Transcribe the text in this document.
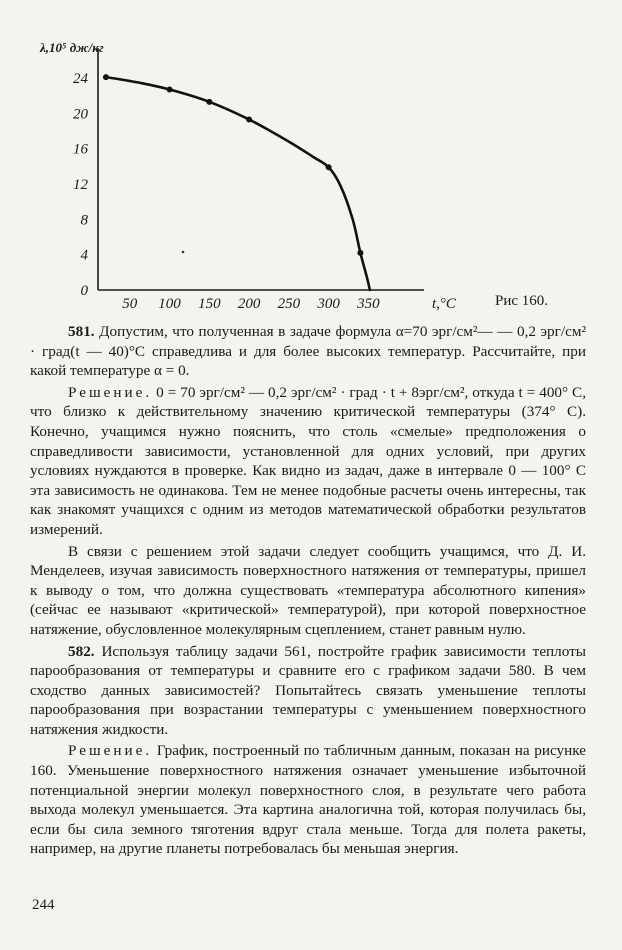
λ,10⁵ дж/кг
t,°C
0
4
8
12
16
20
24
50 100 150 200 250 300 350	Рис 160.

581. Допустим, что полученная в задаче формула α=70 эрг/см²— — 0,2 эрг/см² · град(t — 40)°C справедлива и для более высоких температур. Рассчитайте, при какой температуре α = 0.

Решение. 0 = 70 эрг/см² — 0,2 эрг/см² · град · t + 8эрг/см², откуда t = 400° С, что близко к действительному значению критической температуры (374° С). Конечно, учащимся нужно пояснить, что столь «смелые» предположения о справедливости зависимости, установленной для одних условий, при других условиях нуждаются в проверке. Как видно из задач, даже в интервале 0 — 100° С эта зависимость не одинакова. Тем не менее подобные расчеты очень интересны, так как знакомят учащихся с одним из методов математической обработки результатов измерений.

В связи с решением этой задачи следует сообщить учащимся, что Д. И. Менделеев, изучая зависимость поверхностного натяжения от температуры, пришел к выводу о том, что должна существовать «температура абсолютного кипения» (сейчас ее называют «критической» температурой), при которой поверхностное натяжение, обусловленное молекулярным сцеплением, станет равным нулю.

582. Используя таблицу задачи 561, постройте график зависимости теплоты парообразования от температуры и сравните его с графиком задачи 580. В чем сходство данных зависимостей? Попытайтесь связать уменьшение теплоты парообразования при возрастании температуры с уменьшением поверхностного натяжения жидкости.

Решение. График, построенный по табличным данным, показан на рисунке 160. Уменьшение поверхностного натяжения означает уменьшение избыточной потенциальной энергии молекул поверхностного слоя, в результате чего работа выхода молекул уменьшается. Эта картина аналогична той, которая получилась бы, если бы сила земного тяготения вдруг стала меньше. Тогда для полета ракеты, например, на другие планеты потребовалась бы меньшая энергия.

244
